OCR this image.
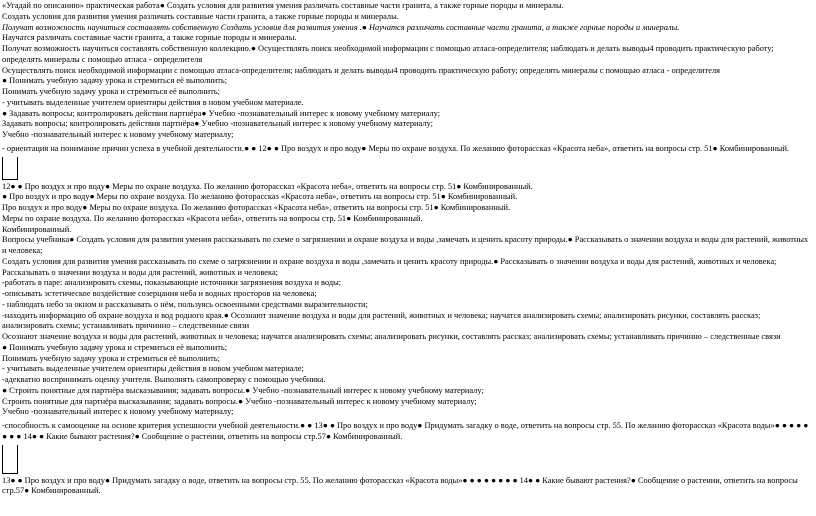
«Угадай по описанию» практическая работа● Создать условия для развития умения различать составные части гранита, а также горные породы и минералы.
Создать условия для развития умения различать составные части гранита, а также горные породы и минералы.
Получат возможность научиться составлять собственную Создать условия для развития умения .● Научатся различать составные части гранита, а также горные породы и минералы.
Научатся различать составные части гранита, а также горные породы и минералы.
Получат возможность научиться составлять собственную коллекцию.● Осуществлять поиск необходимой информации с помощью атласа-определителя; наблюдать и делать выводы4 проводить практическую работу; определять минералы с помощью атласа - определителя
Осуществлять поиск необходимой информации с помощью атласа-определителя; наблюдать и делать выводы4 проводить практическую работу; определять минералы с помощью атласа - определителя
● Понимать учебную задачу урока и стремиться её выполнить;
Понимать учебную задачу урока и стремиться её выполнить;
- учитывать выделенные учителем ориентиры действия в новом учебном материале.
● Задавать вопросы; контролировать действия партнёра● Учебно -познавательный интерес к новому учебному материалу;
Задавать вопросы; контролировать действия партнёра● Учебно -познавательный интерес к новому учебному материалу;
Учебно -познавательный интерес к новому учебному материалу;
- ориентация на понимание причин успеха в учебной деятельности.● ● 12● ● Про воздух и про воду● Меры по охране воздуха. По желанию фоторассказ «Красота неба», ответить на вопросы стр. 51● Комбинированный.
12● ● Про воздух и про воду● Меры по охране воздуха. По желанию фоторассказ «Красота неба», ответить на вопросы стр. 51● Комбинированный.
● Про воздух и про воду● Меры по охране воздуха. По желанию фоторассказ «Красота неба», ответить на вопросы стр. 51● Комбинированный.
Про воздух и про воду● Меры по охране воздуха. По желанию фоторассказ «Красота неба», ответить на вопросы стр. 51● Комбинированный.
Меры по охране воздуха. По желанию фоторассказ «Красота неба», ответить на вопросы стр. 51● Комбинированный.
Комбинированный.
Вопросы учебника● Создать условия для развития умения рассказывать по схеме о загрязнении и охране воздуха и воды ,замечать и ценить красоту природы.● Рассказывать о значении воздуха и воды для растений, животных и человека;
Создать условия для развития умения рассказывать по схеме о загрязнении и охране воздуха и воды ,замечать и ценить красоту природы.● Рассказывать о значении воздуха и воды для растений, животных и человека;
Рассказывать о значении воздуха и воды для растений, животных и человека;
-работать в паре: анализировать схемы, показывающие источники загрязнения воздуха и воды;
-описывать эстетическое воздействие созерцания неба и водных просторов на человека;
- наблюдать небо за окном и рассказывать о нём, пользуясь освоенными средствами выразительности;
-находить информацию об охране воздуха и вод родного края.● Осознают значение воздуха и воды для растений, животных и человека; научатся анализировать схемы; анализировать рисунки, составлять рассказ; анализировать схемы; устанавливать причинно – следственные связи
Осознают значение воздуха и воды для растений, животных и человека; научатся анализировать схемы; анализировать рисунки, составлять рассказ; анализировать схемы; устанавливать причинно – следственные связи
● Понимать учебную задачу урока и стремиться её выполнить;
Понимать учебную задачу урока и стремиться её выполнить;
- учитывать выделенные учителем ориентиры действия в новом учебном материале;
-адекватно воспринимать оценку учителя. Выполнять самопроверку с помощью учебника.
● Строить понятные для партнёра высказывания; задавать вопросы.● Учебно -познавательный интерес к новому учебному материалу;
Строить понятные для партнёра высказывания; задавать вопросы.● Учебно -познавательный интерес к новому учебному материалу;
Учебно -познавательный интерес к новому учебному материалу;
-способность к самооценке на основе критерия успешности учебной деятельности.● ● 13● ● Про воздух и про воду● Придумать загадку о воде, ответить на вопросы стр. 55. По желанию фоторассказ «Красота воды»● ● ● ● ● ● ● ● 14● ● Какие бывают растения?● Сообщение о растении, ответить на вопросы стр.57● Комбинированный.
13● ● Про воздух и про воду● Придумать загадку о воде, ответить на вопросы стр. 55. По желанию фоторассказ «Красота воды»● ● ● ● ● ● ● ● 14● ● Какие бывают растения?● Сообщение о растении, ответить на вопросы стр.57● Комбинированный.
